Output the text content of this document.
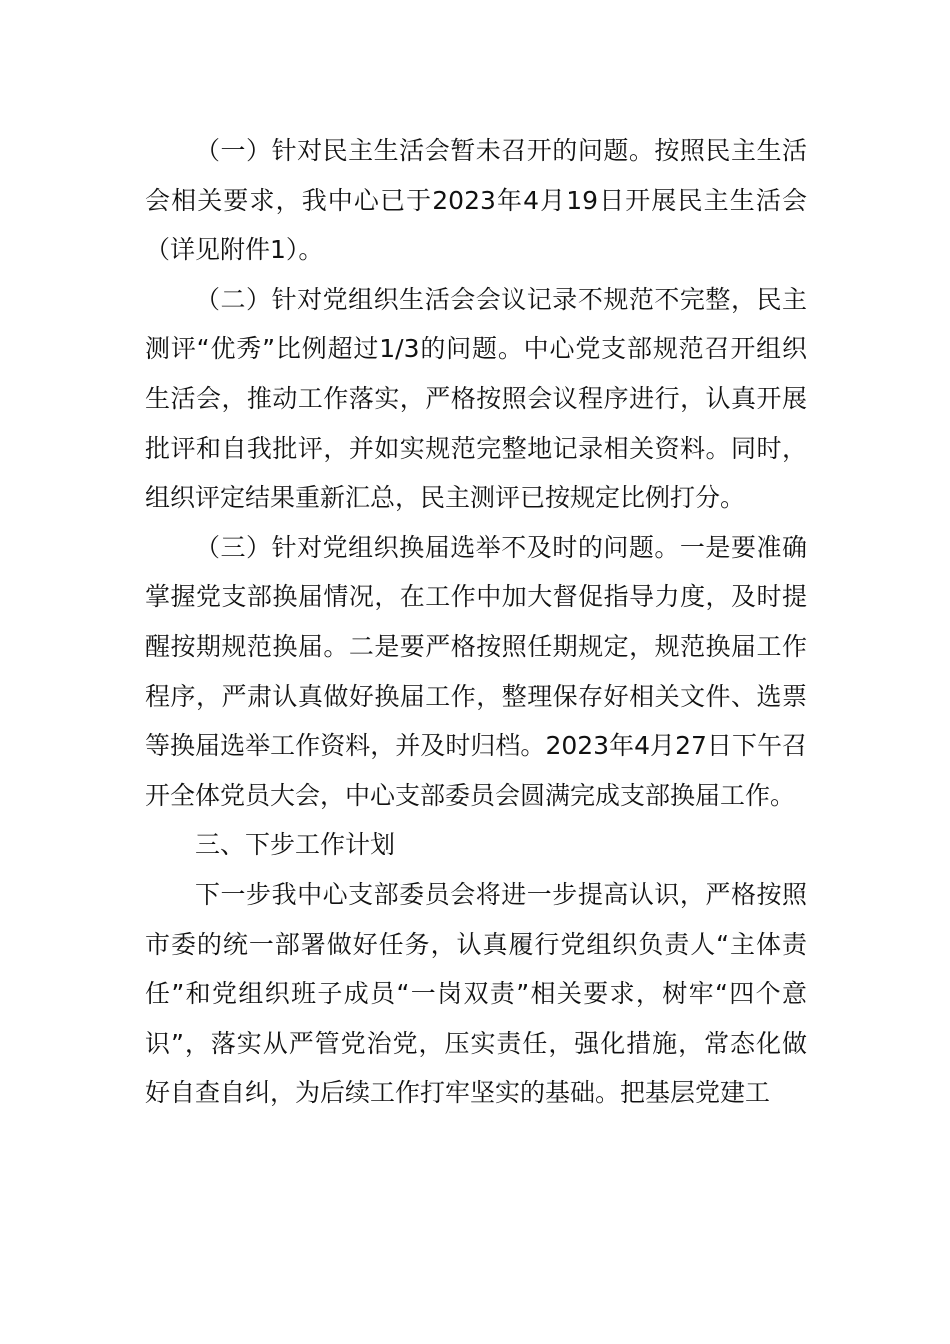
（一）针对民主生活会暂未召开的问题。按照民主生活会相关要求，我中心已于2023年4月19日开展民主生活会（详见附件1）。

（二）针对党组织生活会会议记录不规范不完整，民主测评“优秀”比例超过1/3的问题。中心党支部规范召开组织生活会，推动工作落实，严格按照会议程序进行，认真开展批评和自我批评，并如实规范完整地记录相关资料。同时，组织评定结果重新汇总，民主测评已按规定比例打分。

（三）针对党组织换届选举不及时的问题。一是要准确掌握党支部换届情况，在工作中加大督促指导力度，及时提醒按期规范换届。二是要严格按照任期规定，规范换届工作程序，严肃认真做好换届工作，整理保存好相关文件、选票等换届选举工作资料，并及时归档。2023年4月27日下午召开全体党员大会，中心支部委员会圆满完成支部换届工作。

三、下步工作计划

下一步我中心支部委员会将进一步提高认识，严格按照市委的统一部署做好任务，认真履行党组织负责人“主体责任”和党组织班子成员“一岗双责”相关要求，树牢“四个意识”，落实从严管党治党，压实责任，强化措施，常态化做好自查自纠，为后续工作打牢坚实的基础。把基层党建工
